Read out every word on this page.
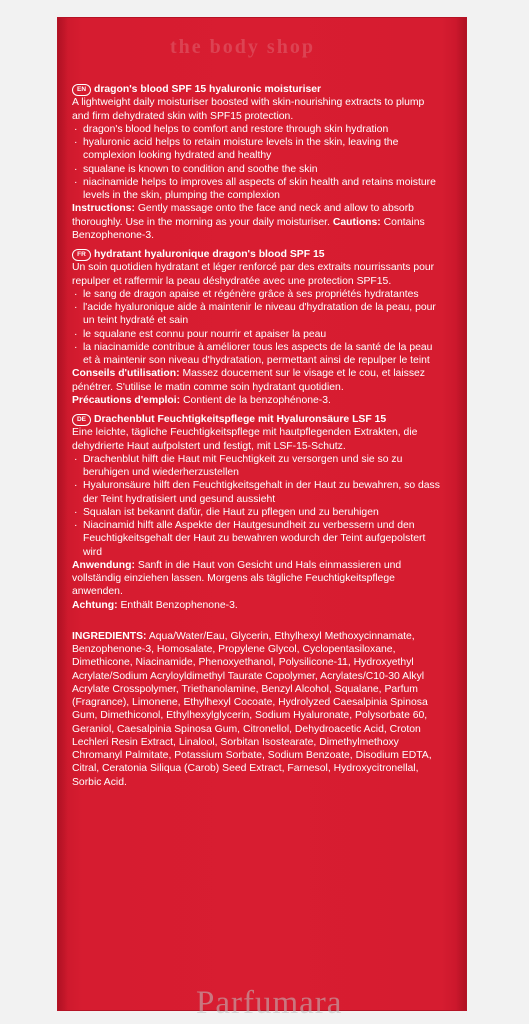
the body shop
EN dragon's blood SPF 15 hyaluronic moisturiser

A lightweight daily moisturiser boosted with skin-nourishing extracts to plump and firm dehydrated skin with SPF15 protection.

· dragon's blood helps to comfort and restore through skin hydration
· hyaluronic acid helps to retain moisture levels in the skin, leaving the complexion looking hydrated and healthy
· squalane is known to condition and soothe the skin
· niacinamide helps to improves all aspects of skin health and retains moisture levels in the skin, plumping the complexion

Instructions: Gently massage onto the face and neck and allow to absorb thoroughly. Use in the morning as your daily moisturiser. Cautions: Contains Benzophenone-3.

FR hydratant hyaluronique dragon's blood SPF 15

Un soin quotidien hydratant et léger renforcé par des extraits nourrissants pour repulper et raffermir la peau déshydratée avec une protection SPF15.

· le sang de dragon apaise et régénère grâce à ses propriétés hydratantes
· l'acide hyaluronique aide à maintenir le niveau d'hydratation de la peau, pour un teint hydraté et sain
· le squalane est connu pour nourrir et apaiser la peau
· la niacinamide contribue à améliorer tous les aspects de la santé de la peau et à maintenir son niveau d'hydratation, permettant ainsi de repulper le teint

Conseils d'utilisation: Massez doucement sur le visage et le cou, et laissez pénétrer. S'utilise le matin comme soin hydratant quotidien.

Précautions d'emploi: Contient de la benzophénone-3.

DE Drachenblut Feuchtigkeitspflege mit Hyaluronsäure LSF 15

Eine leichte, tägliche Feuchtigkeitspflege mit hautpflegenden Extrakten, die dehydrierte Haut aufpolstert und festigt, mit LSF-15-Schutz.

· Drachenblut hilft die Haut mit Feuchtigkeit zu versorgen und sie so zu beruhigen und wiederherzustellen
· Hyaluronsäure hilft den Feuchtigkeitsgehalt in der Haut zu bewahren, so dass der Teint hydratisiert und gesund aussieht
· Squalan ist bekannt dafür, die Haut zu pflegen und zu beruhigen
· Niacinamid hilft alle Aspekte der Hautgesundheit zu verbessern und den Feuchtigkeitsgehalt der Haut zu bewahren wodurch der Teint aufgepolstert wird

Anwendung: Sanft in die Haut von Gesicht und Hals einmassieren und vollständig einziehen lassen. Morgens als tägliche Feuchtigkeitspflege anwenden.

Achtung: Enthält Benzophenone-3.

INGREDIENTS: Aqua/Water/Eau, Glycerin, Ethylhexyl Methoxycinnamate, Benzophenone-3, Homosalate, Propylene Glycol, Cyclopentasiloxane, Dimethicone, Niacinamide, Phenoxyethanol, Polysilicone-11, Hydroxyethyl Acrylate/Sodium Acryloyldimethyl Taurate Copolymer, Acrylates/C10-30 Alkyl Acrylate Crosspolymer, Triethanolamine, Benzyl Alcohol, Squalane, Parfum (Fragrance), Limonene, Ethylhexyl Cocoate, Hydrolyzed Caesalpinia Spinosa Gum, Dimethiconol, Ethylhexylglycerin, Sodium Hyaluronate, Polysorbate 60, Geraniol, Caesalpinia Spinosa Gum, Citronellol, Dehydroacetic Acid, Croton Lechleri Resin Extract, Linalool, Sorbitan Isostearate, Dimethylmethoxy Chromanyl Palmitate, Potassium Sorbate, Sodium Benzoate, Disodium EDTA, Citral, Ceratonia Siliqua (Carob) Seed Extract, Farnesol, Hydroxycitronellal, Sorbic Acid.

Parfumara
